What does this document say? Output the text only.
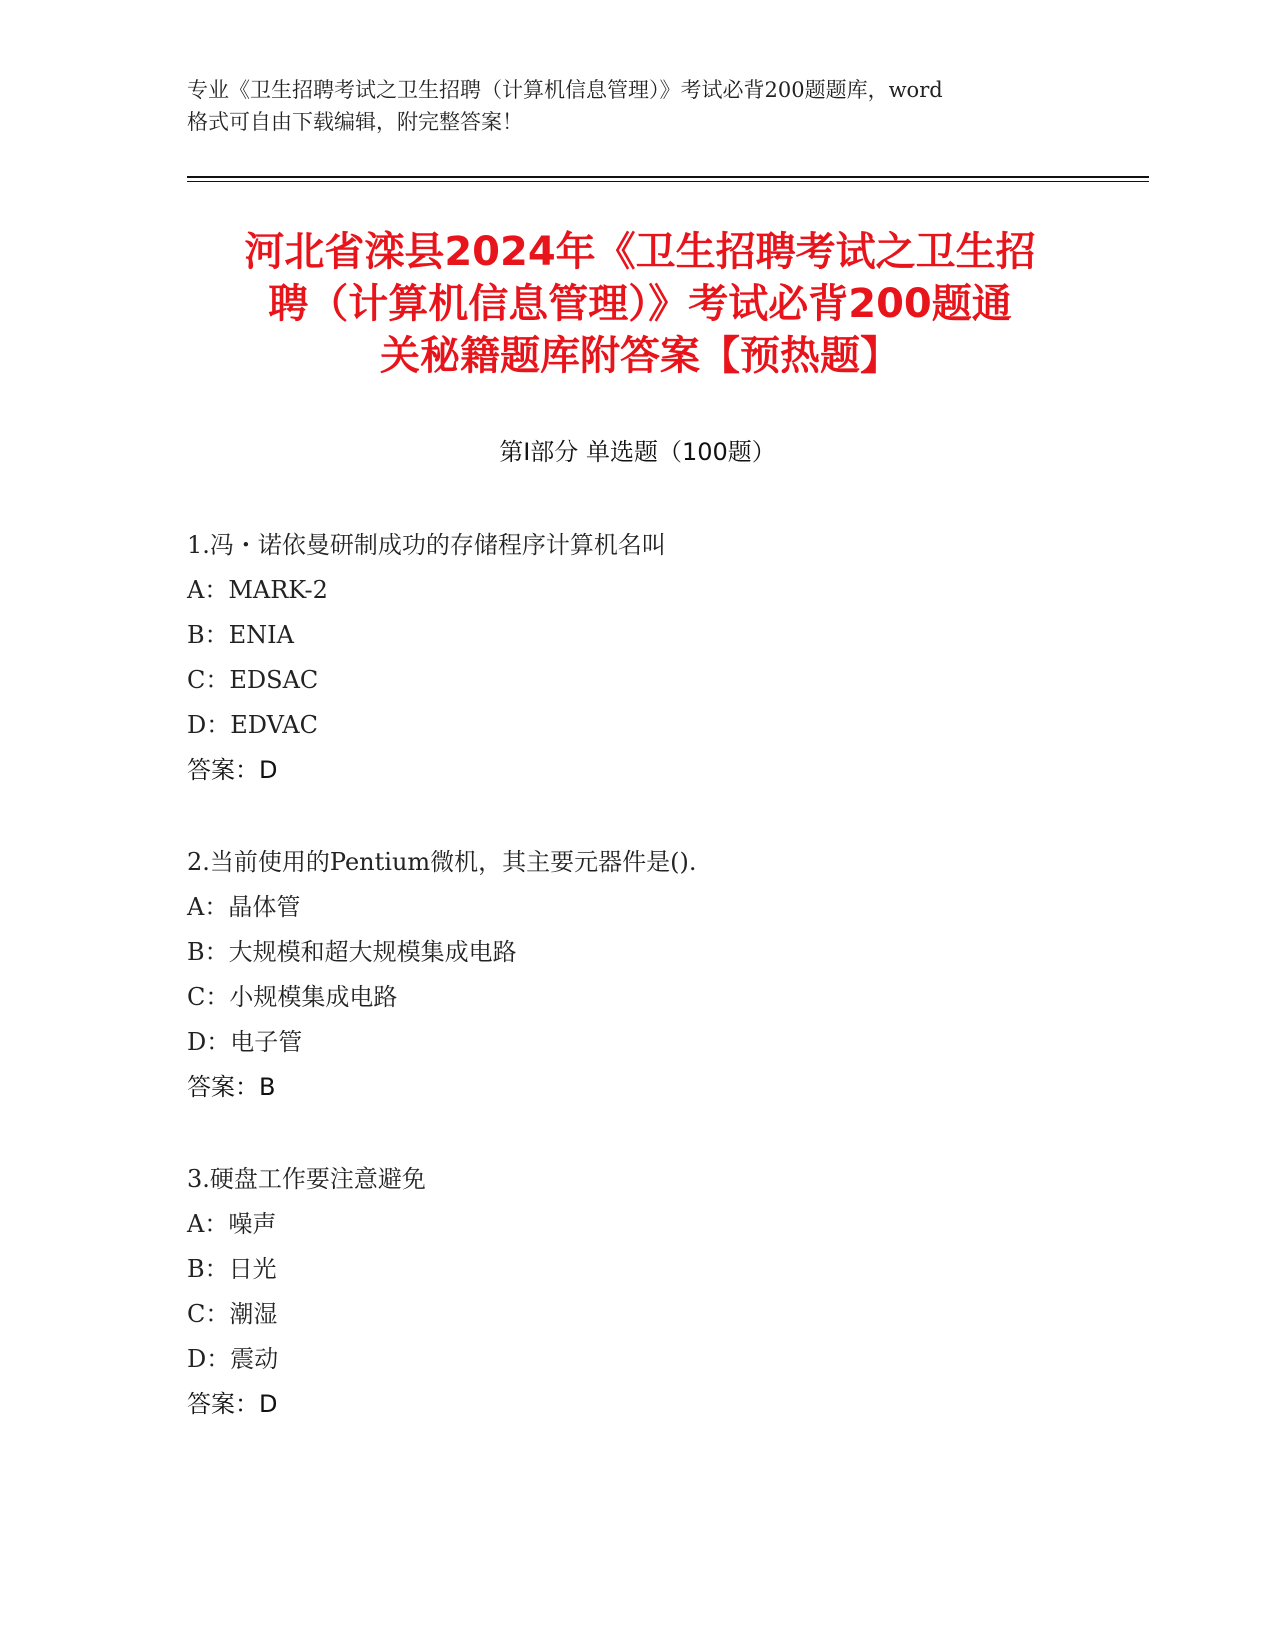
专业《卫生招聘考试之卫生招聘（计算机信息管理）》考试必背200题题库，word
格式可自由下载编辑，附完整答案！
河北省滦县2024年《卫生招聘考试之卫生招
聘（计算机信息管理）》考试必背200题通
关秘籍题库附答案【预热题】
第Ⅰ部分 单选题（100题）
1.冯・诺依曼研制成功的存储程序计算机名叫
A：MARK-2
B：ENIA
C：EDSAC
D：EDVAC
答案：D
2.当前使用的Pentium微机，其主要元器件是().
A：晶体管
B：大规模和超大规模集成电路
C：小规模集成电路
D：电子管
答案：B
3.硬盘工作要注意避免
A：噪声
B：日光
C：潮湿
D：震动
答案：D
